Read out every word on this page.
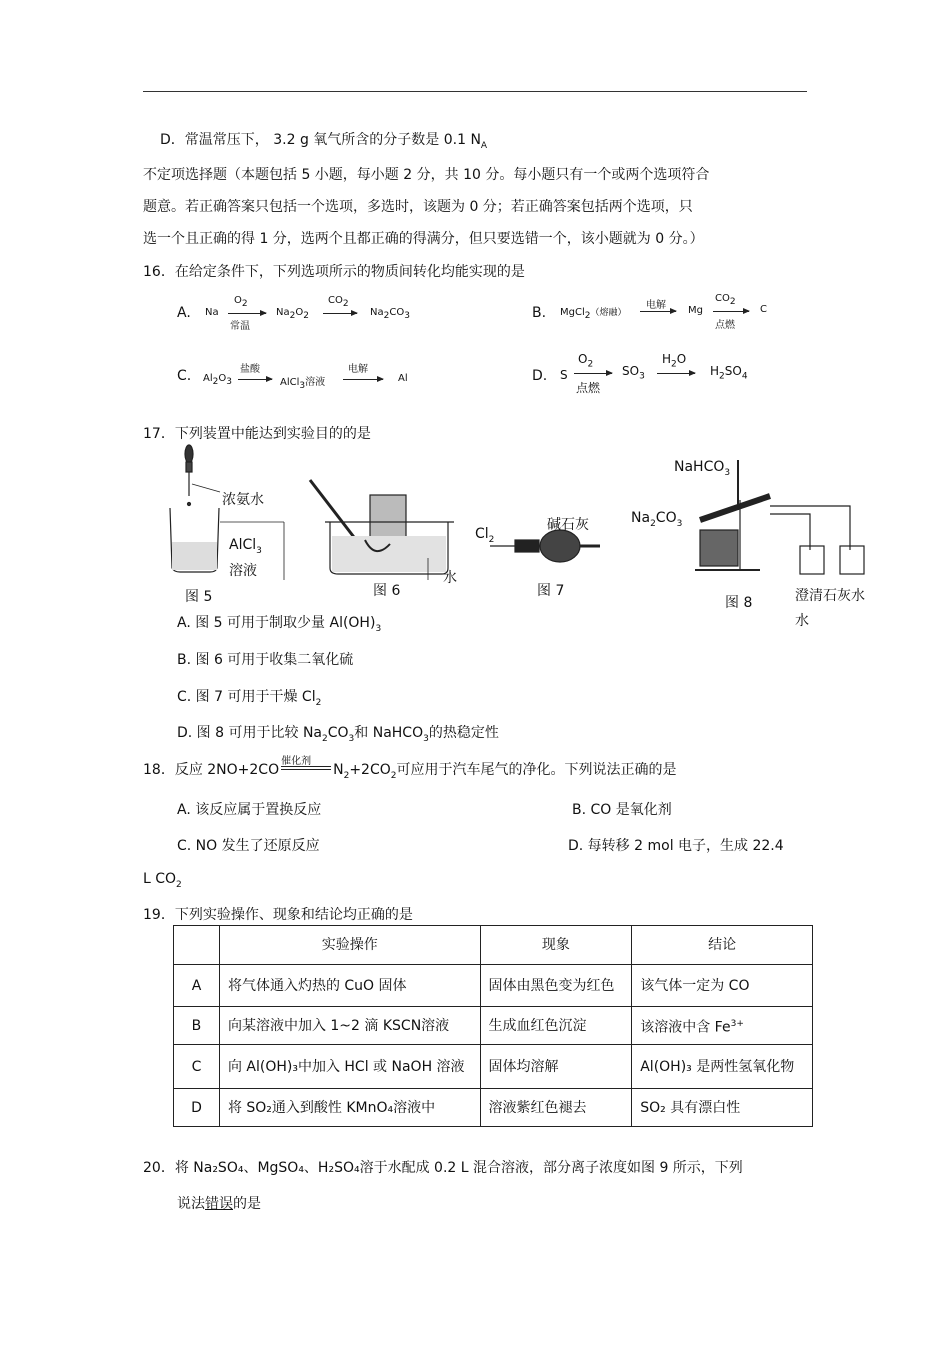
D．常温常压下， 3.2 g 氧气所含的分子数是 0.1 $N_A$
不定项选择题（本题包括 5 小题，每小题 2 分，共 10 分。每小题只有一个或两个选项符合
题意。若正确答案只包括一个选项，多选时，该题为 0 分；若正确答案包括两个选项，只
选一个且正确的得 1 分，选两个且都正确的得满分，但只要选错一个，该小题就为 0 分。）
16．在给定条件下，下列选项所示的物质间转化均能实现的是
A. Na
$O_2$
常温
$Na_2O_2$
$CO_2$
$Na_2CO_3$	B. MgCl$_2$（熔融）
电解 Mg
$CO_2$
点燃
C
C. $Al_2O_3$
盐酸
AlCl$_3$溶液
电解
Al	D. S
$O_2$
点燃
$SO_3$
$H_2O$
$H_2SO_4$
17．下列装置中能达到实验目的的是
浓氨水
AlCl$_3$
溶液
图 5	图 6
水
$Cl_2$
碱石灰
图 7
NaHCO$_3$
$Na_2CO_3$
澄清石灰水
水
图 8
A. 图 5 可用于制取少量 $Al(OH)_3$
B. 图 6 可用于收集二氧化硫
C. 图 7 可用于干燥 $Cl_2$
D. 图 8 可用于比较 $Na_2CO_3$和 NaHCO$_3$的热稳定性
18．反应 2NO+2CO
催化剂
$N_2+2CO_2$可应用于汽车尾气的净化。下列说法正确的是
A. 该反应属于置换反应	B. CO 是氧化剂
C. NO 发生了还原反应	D. 每转移 2 mol 电子，生成 22.4
L $CO_2$
19．下列实验操作、现象和结论均正确的是
	实验操作	现象	结论
A	将气体通入灼热的 CuO 固体	固体由黑色变为红色	该气体一定为 CO
B	向某溶液中加入 1~2 滴 KSCN溶液	生成血红色沉淀	该溶液中含 $Fe^{3+}$
C	向 Al(OH)₃中加入 HCl 或 NaOH 溶液	固体均溶解	Al(OH)₃ 是两性氢氧化物
D	将 SO₂通入到酸性 KMnO₄溶液中	溶液紫红色褪去	SO₂ 具有漂白性
20．将 Na₂SO₄、MgSO₄、H₂SO₄溶于水配成 0.2 L 混合溶液，部分离子浓度如图 9 所示，下列
说法错误的是
